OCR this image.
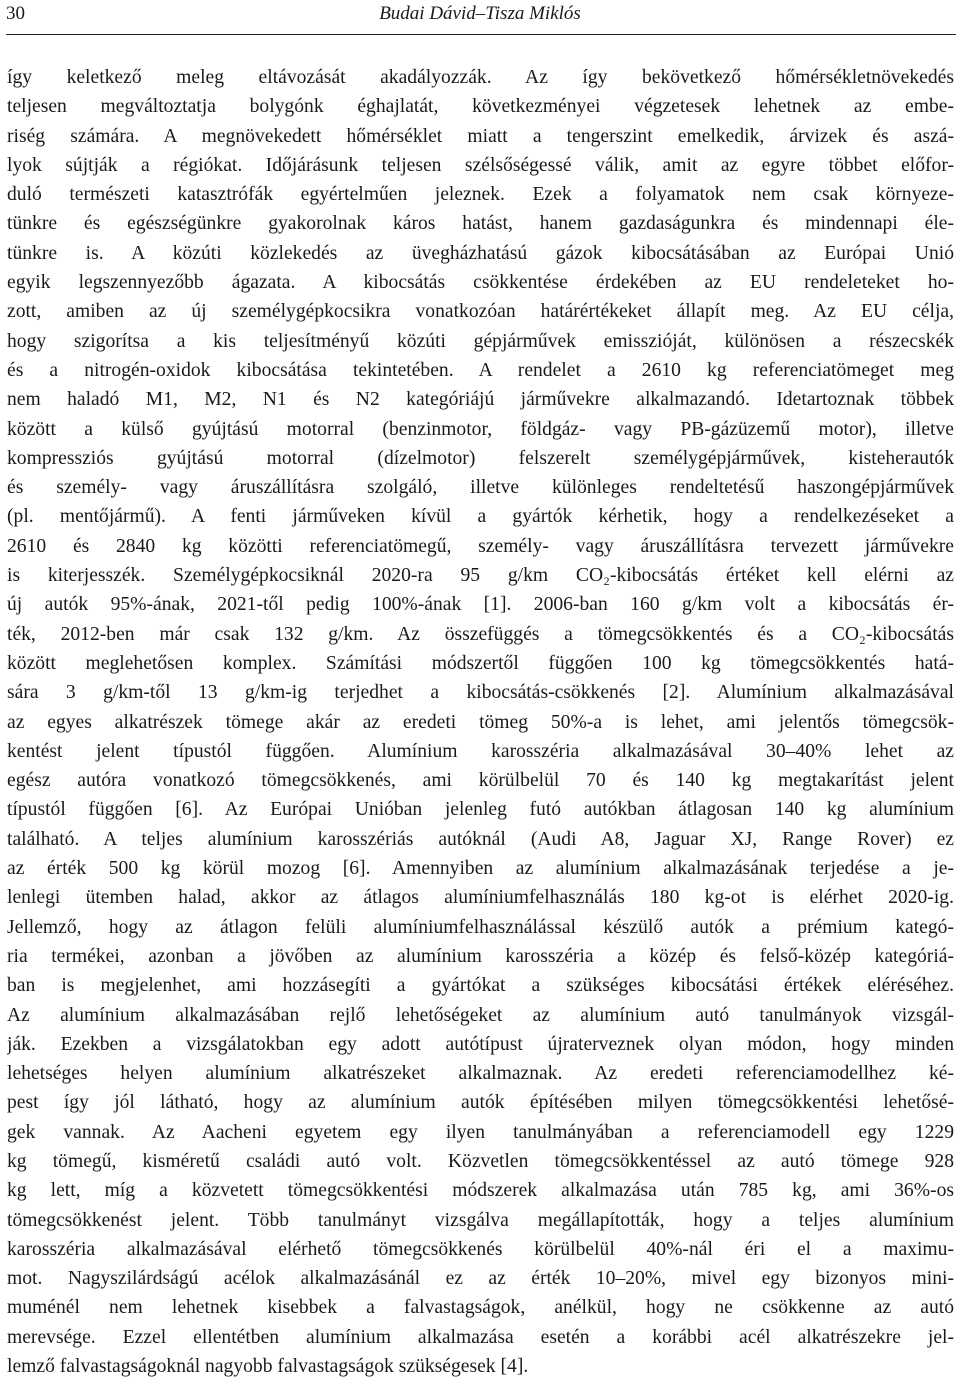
30	Budai Dávid–Tisza Miklós
így keletkező meleg eltávozását akadályozzák. Az így bekövetkező hőmérsékletnövekedés
teljesen megváltoztatja bolygónk éghajlatát, következményei végzetesek lehetnek az embe-
riség számára. A megnövekedett hőmérséklet miatt a tengerszint emelkedik, árvizek és aszá-
lyok sújtják a régiókat. Időjárásunk teljesen szélsőségessé válik, amit az egyre többet előfor-
duló természeti katasztrófák egyértelműen jeleznek. Ezek a folyamatok nem csak környeze-
tünkre és egészségünkre gyakorolnak káros hatást, hanem gazdaságunkra és mindennapi éle-
tünkre is. A közúti közlekedés az üvegházhatású gázok kibocsátásában az Európai Unió
egyik legszennyezőbb ágazata. A kibocsátás csökkentése érdekében az EU rendeleteket ho-
zott, amiben az új személygépkocsikra vonatkozóan határértékeket állapít meg. Az EU célja,
hogy szigorítsa a kis teljesítményű közúti gépjárművek emisszióját, különösen a részecskék
és a nitrogén-oxidok kibocsátása tekintetében. A rendelet a 2610 kg referenciatömeget meg
nem haladó M1, M2, N1 és N2 kategóriájú járművekre alkalmazandó. Idetartoznak többek
között a külső gyújtású motorral (benzinmotor, földgáz- vagy PB-gázüzemű motor), illetve
kompressziós gyújtású motorral (dízelmotor) felszerelt személygépjárművek, kisteherautók
és személy- vagy áruszállításra szolgáló, illetve különleges rendeltetésű haszongépjárművek
(pl. mentőjármű). A fenti járműveken kívül a gyártók kérhetik, hogy a rendelkezéseket a
2610 és 2840 kg közötti referenciatömegű, személy- vagy áruszállításra tervezett járművekre
is kiterjesszék. Személygépkocsiknál 2020-ra 95 g/km CO₂-kibocsátás értéket kell elérni az
új autók 95%-ának, 2021-től pedig 100%-ának [1]. 2006-ban 160 g/km volt a kibocsátás ér-
ték, 2012-ben már csak 132 g/km. Az összefüggés a tömegcsökkentés és a CO₂-kibocsátás
között meglehetősen komplex. Számítási módszertől függően 100 kg tömegcsökkentés hatá-
sára 3 g/km-től 13 g/km-ig terjedhet a kibocsátás-csökkenés [2]. Alumínium alkalmazásával
az egyes alkatrészek tömege akár az eredeti tömeg 50%-a is lehet, ami jelentős tömegcsök-
kentést jelent típustól függően. Alumínium karosszéria alkalmazásával 30–40% lehet az
egész autóra vonatkozó tömegcsökkenés, ami körülbelül 70 és 140 kg megtakarítást jelent
típustól függően [6]. Az Európai Unióban jelenleg futó autókban átlagosan 140 kg alumínium
található. A teljes alumínium karosszériás autóknál (Audi A8, Jaguar XJ, Range Rover) ez
az érték 500 kg körül mozog [6]. Amennyiben az alumínium alkalmazásának terjedése a je-
lenlegi ütemben halad, akkor az átlagos alumíniumfelhasználás 180 kg-ot is elérhet 2020-ig.
Jellemző, hogy az átlagon felüli alumíniumfelhasználással készülő autók a prémium kategó-
ria termékei, azonban a jövőben az alumínium karosszéria a közép és felső-közép kategóriá-
ban is megjelenhet, ami hozzásegíti a gyártókat a szükséges kibocsátási értékek eléréséhez.
Az alumínium alkalmazásában rejlő lehetőségeket az alumínium autó tanulmányok vizsgál-
ják. Ezekben a vizsgálatokban egy adott autótípust újraterveznek olyan módon, hogy minden
lehetséges helyen alumínium alkatrészeket alkalmaznak. Az eredeti referenciamodellhez ké-
pest így jól látható, hogy az alumínium autók építésében milyen tömegcsökkentési lehetősé-
gek vannak. Az Aacheni egyetem egy ilyen tanulmányában a referenciamodell egy 1229
kg tömegű, kisméretű családi autó volt. Közvetlen tömegcsökkentéssel az autó tömege 928
kg lett, míg a közvetett tömegcsökkentési módszerek alkalmazása után 785 kg, ami 36%-os
tömegcsökkenést jelent. Több tanulmányt vizsgálva megállapították, hogy a teljes alumínium
karosszéria alkalmazásával elérhető tömegcsökkenés körülbelül 40%-nál éri el a maximu-
mot. Nagyszilárdságú acélok alkalmazásánál ez az érték 10–20%, mivel egy bizonyos mini-
muménél nem lehetnek kisebbek a falvastagságok, anélkül, hogy ne csökkenne az autó
merevsége. Ezzel ellentétben alumínium alkalmazása esetén a korábbi acél alkatrészekre jel-
lemző falvastagságoknál nagyobb falvastagságok szükségesek [4].
